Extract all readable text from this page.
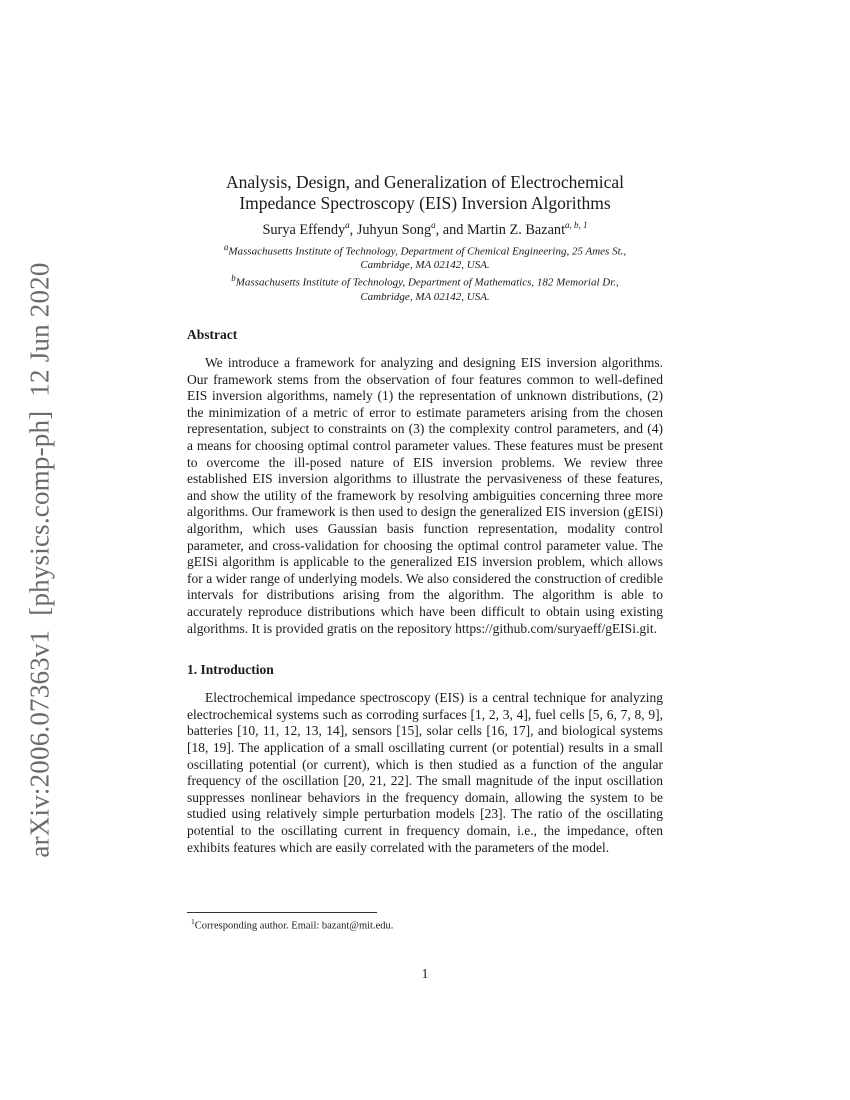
arXiv:2006.07363v1[physics.comp-ph]12 Jun 2020
Analysis, Design, and Generalization of Electrochemical
Impedance Spectroscopy (EIS) Inversion Algorithms
Surya Effendy$^a$, Juhyun Song$^a$, and Martin Z. Bazant$^{a, b, 1}$
$^a$Massachusetts Institute of Technology, Department of Chemical Engineering, 25 Ames St.,
Cambridge, MA 02142, USA.
$^b$Massachusetts Institute of Technology, Department of Mathematics, 182 Memorial Dr.,
Cambridge, MA 02142, USA.
Abstract

We introduce a framework for analyzing and designing EIS inversion algorithms. Our framework stems from the observation of four features common to well-defined EIS inversion algorithms, namely (1) the representation of unknown distributions, (2) the minimization of a metric of error to estimate parameters arising from the chosen representation, subject to constraints on (3) the complexity control parameters, and (4) a means for choosing optimal control parameter values. These features must be present to overcome the ill-posed nature of EIS inversion problems. We review three established EIS inversion algorithms to illustrate the pervasiveness of these features, and show the utility of the framework by resolving ambiguities concerning three more algorithms. Our framework is then used to design the generalized EIS inversion (gEISi) algorithm, which uses Gaussian basis function representation, modality control parameter, and cross-validation for choosing the optimal control parameter value. The gEISi algorithm is applicable to the generalized EIS inversion problem, which allows for a wider range of underlying models. We also considered the construction of credible intervals for distributions arising from the algorithm. The algorithm is able to accurately reproduce distributions which have been difficult to obtain using existing algorithms. It is provided gratis on the repository https://github.com/suryaeff/gEISi.git.

1. Introduction

Electrochemical impedance spectroscopy (EIS) is a central technique for analyzing electrochemical systems such as corroding surfaces [1, 2, 3, 4], fuel cells [5, 6, 7, 8, 9], batteries [10, 11, 12, 13, 14], sensors [15], solar cells [16, 17], and biological systems [18, 19]. The application of a small oscillating current (or potential) results in a small oscillating potential (or current), which is then studied as a function of the angular frequency of the oscillation [20, 21, 22]. The small magnitude of the input oscillation suppresses nonlinear behaviors in the frequency domain, allowing the system to be studied using relatively simple perturbation models [23]. The ratio of the oscillating potential to the oscillating current in frequency domain, i.e., the impedance, often exhibits features which are easily correlated with the parameters of the model.

$^1$Corresponding author. Email: bazant@mit.edu.
1
